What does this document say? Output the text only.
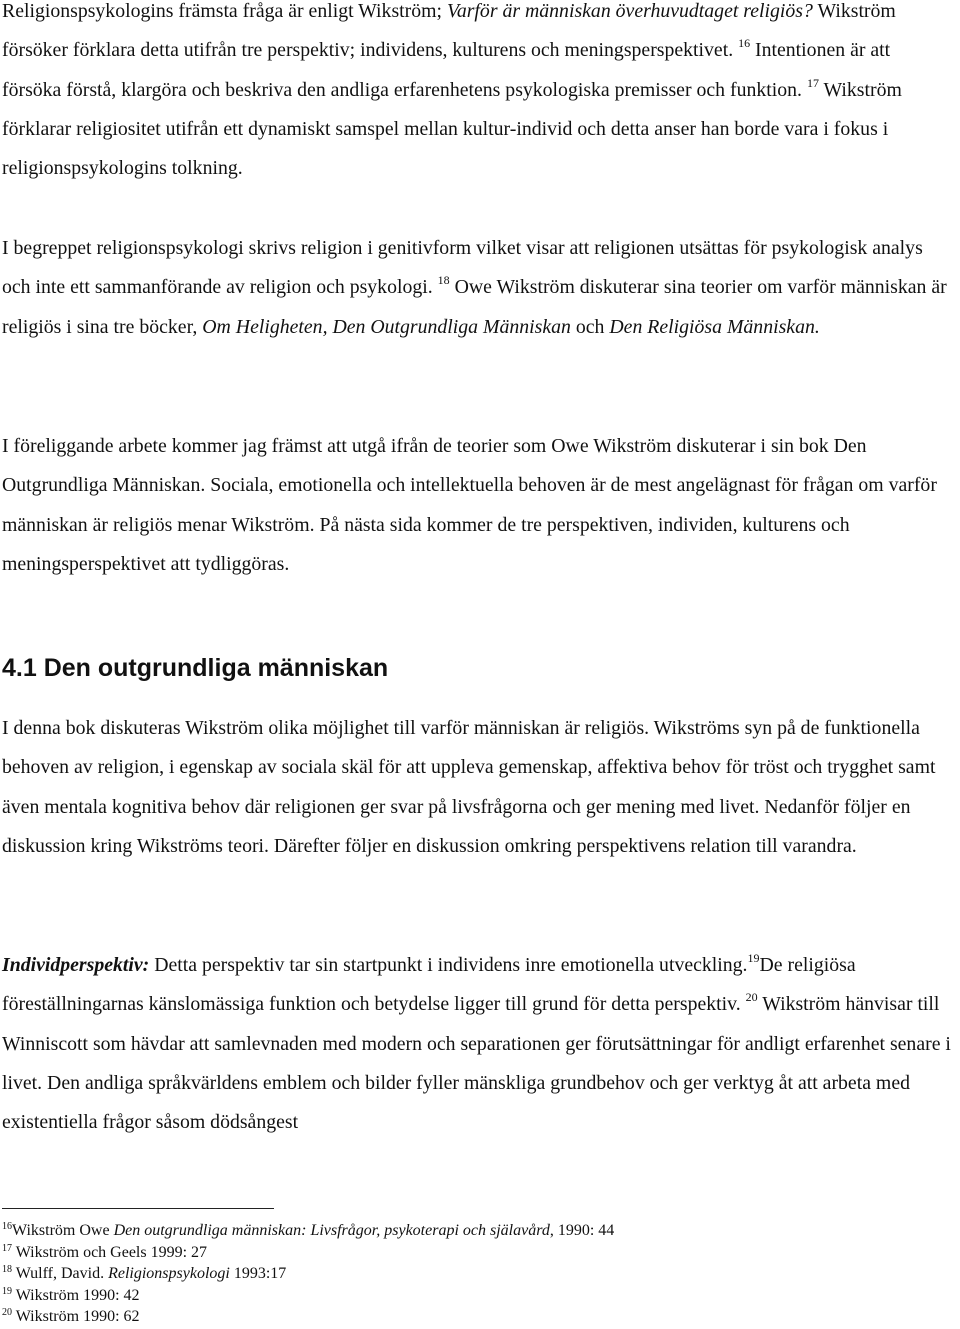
Religionspsykologins främsta fråga är enligt Wikström; Varför är människan överhuvudtaget religiös? Wikström försöker förklara detta utifrån tre perspektiv; individens, kulturens och meningsperspektivet. $^{16}$ Intentionen är att försöka förstå, klargöra och beskriva den andliga erfarenhetens psykologiska premisser och funktion. $^{17}$ Wikström förklarar religiositet utifrån ett dynamiskt samspel mellan kultur-individ och detta anser han borde vara i fokus i religionspsykologins tolkning.

I begreppet religionspsykologi skrivs religion i genitivform vilket visar att religionen utsättas för psykologisk analys och inte ett sammanförande av religion och psykologi. $^{18}$ Owe Wikström diskuterar sina teorier om varför människan är religiös i sina tre böcker, Om Heligheten, Den Outgrundliga Människan och Den Religiösa Människan.

I föreliggande arbete kommer jag främst att utgå ifrån de teorier som Owe Wikström diskuterar i sin bok Den Outgrundliga Människan. Sociala, emotionella och intellektuella behoven är de mest angelägnast för frågan om varför människan är religiös menar Wikström. På nästa sida kommer de tre perspektiven, individen, kulturens och meningsperspektivet att tydliggöras.

4.1 Den outgrundliga människan

I denna bok diskuteras Wikström olika möjlighet till varför människan är religiös. Wikströms syn på de funktionella behoven av religion, i egenskap av sociala skäl för att uppleva gemenskap, affektiva behov för tröst och trygghet samt även mentala kognitiva behov där religionen ger svar på livsfrågorna och ger mening med livet. Nedanför följer en diskussion kring Wikströms teori. Därefter följer en diskussion omkring perspektivens relation till varandra.

Individperspektiv: Detta perspektiv tar sin startpunkt i individens inre emotionella utveckling.$^{19}$De religiösa föreställningarnas känslomässiga funktion och betydelse ligger till grund för detta perspektiv. $^{20}$ Wikström hänvisar till Winniscott som hävdar att samlevnaden med modern och separationen ger förutsättningar för andligt erfarenhet senare i livet. Den andliga språkvärldens emblem och bilder fyller mänskliga grundbehov och ger verktyg åt att arbeta med existentiella frågor såsom dödsångest

$^{16}$Wikström Owe Den outgrundliga människan: Livsfrågor, psykoterapi och själavård, 1990: 44
$^{17}$ Wikström och Geels 1999: 27
$^{18}$ Wulff, David. Religionspsykologi 1993:17
$^{19}$ Wikström 1990: 42
$^{20}$ Wikström 1990: 62
